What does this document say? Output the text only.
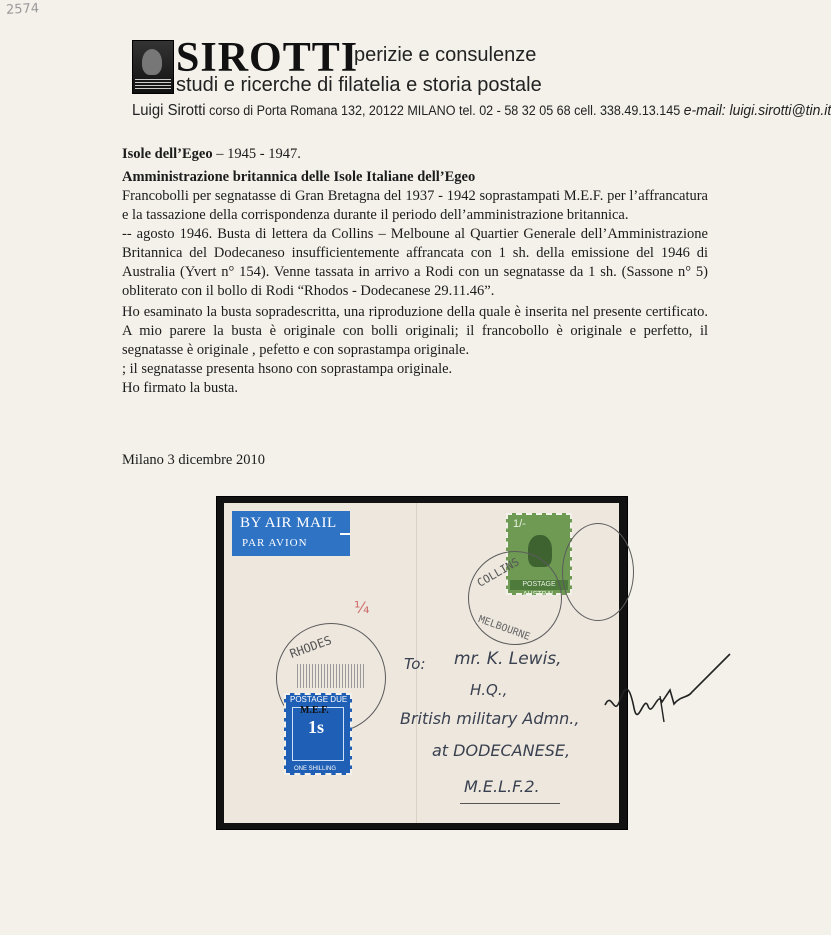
2574
SIROTTI
perizie e consulenze
studi e ricerche di filatelia e storia postale
Luigi Sirotti corso di Porta Romana 132, 20122 MILANO tel. 02 - 58 32 05 68 cell. 338.49.13.145 e-mail: luigi.sirotti@tin.it

Isole dell’Egeo – 1945 - 1947.

Amministrazione britannica delle Isole Italiane dell’Egeo

Francobolli per segnatasse di Gran Bretagna del 1937 - 1942 soprastampati M.E.F. per l’affrancatura e la tassazione della corrispondenza durante il periodo dell’amministrazione britannica.

-- agosto 1946. Busta di lettera da Collins – Melboune al Quartier Generale dell’Amministrazione Britannica del Dodecaneso insufficientemente affrancata con 1 sh. della emissione del 1946 di Australia (Yvert n° 154). Venne tassata in arrivo a Rodi con un segnatasse da 1 sh. (Sassone n° 5) obliterato con il bollo di Rodi “Rhodos - Dodecanese 29.11.46”.

Ho esaminato la busta sopradescritta, una riproduzione della quale è inserita nel presente certificato. A mio parere la busta è originale con bolli originali; il francobollo è originale e perfetto, il segnatasse è originale , pefetto e con soprastampa originale.

; il segnatasse presenta hsono con soprastampa originale.

Ho firmato la busta.

Milano 3 dicembre 2010
BY AIR MAIL
PAR AVION
¹⁄₄
1/-
POSTAGE AUSTRAL
COLLINS
MELBOURNE
RHODES
POSTAGE DUE
M.E.F.
1s
ONE SHILLING
To: mr. K. Lewis,
H.Q.,
British military Admn.,
at DODECANESE,
M.E.L.F.2.
